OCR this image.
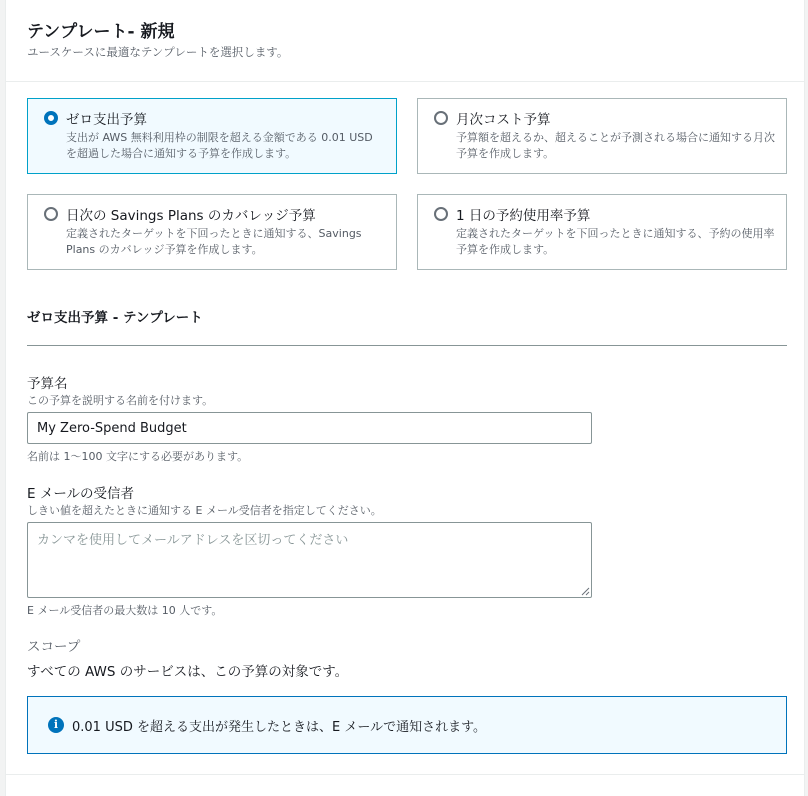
テンプレート- 新規
ユースケースに最適なテンプレートを選択します。
ゼロ支出予算
支出が AWS 無料利用枠の制限を超える金額である 0.01 USD を超過した場合に通知する予算を作成します。
月次コスト予算
予算額を超えるか、超えることが予測される場合に通知する月次予算を作成します。
日次の Savings Plans のカバレッジ予算
定義されたターゲットを下回ったときに通知する、Savings Plans のカバレッジ予算を作成します。
1 日の予約使用率予算
定義されたターゲットを下回ったときに通知する、予約の使用率予算を作成します。
ゼロ支出予算 - テンプレート
予算名
この予算を説明する名前を付けます。
My Zero-Spend Budget
名前は 1～100 文字にする必要があります。
E メールの受信者
しきい値を超えたときに通知する E メール受信者を指定してください。
カンマを使用してメールアドレスを区切ってください
E メール受信者の最大数は 10 人です。
スコープ
すべての AWS のサービスは、この予算の対象です。
i	0.01 USD を超える支出が発生したときは、E メールで通知されます。
